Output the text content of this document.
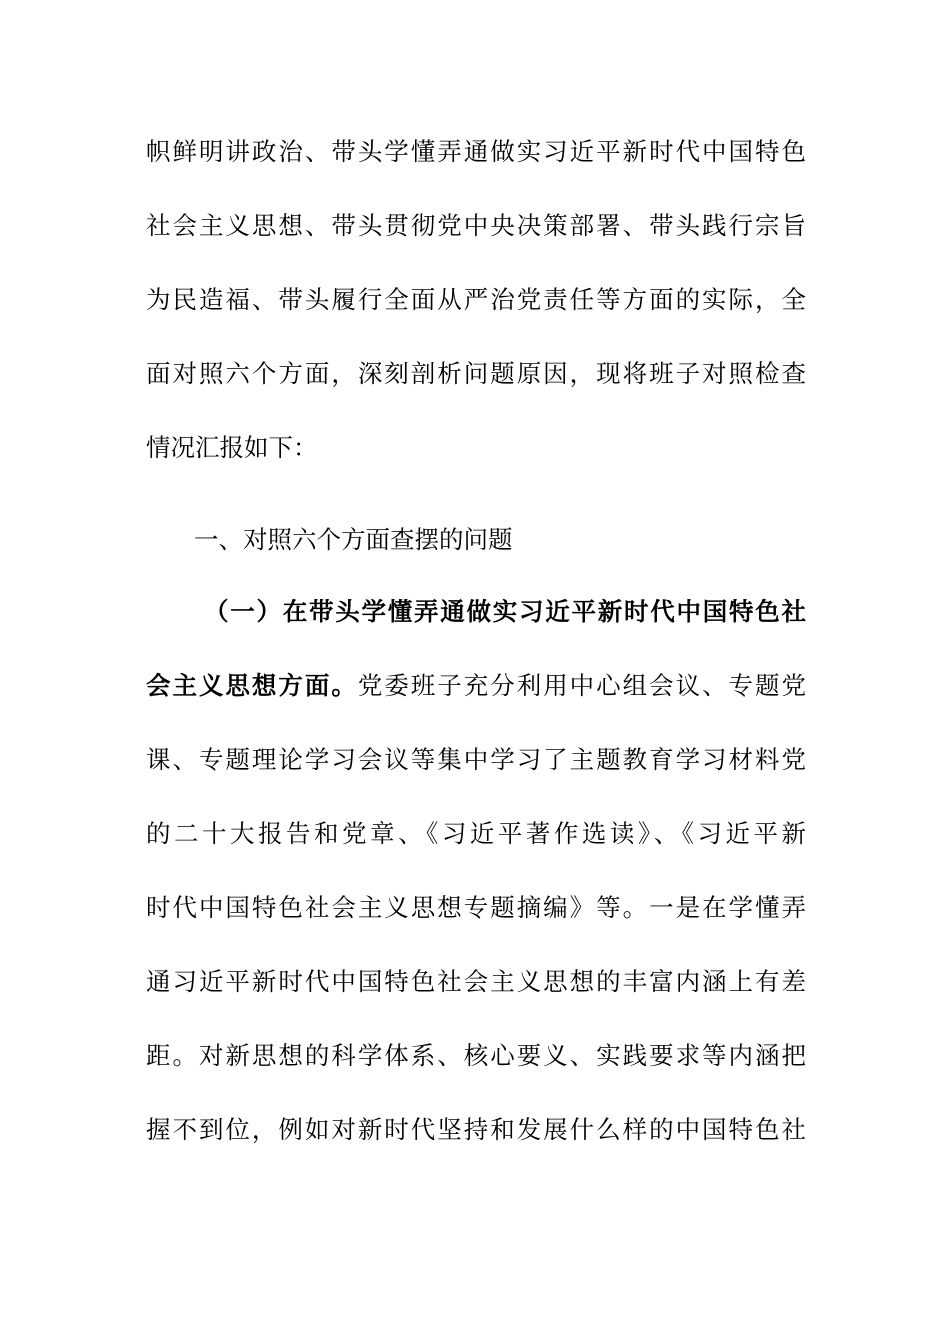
帜鲜明讲政治、带头学懂弄通做实习近平新时代中国特色
社会主义思想、带头贯彻党中央决策部署、带头践行宗旨
为民造福、带头履行全面从严治党责任等方面的实际，全
面对照六个方面，深刻剖析问题原因，现将班子对照检查
情况汇报如下：
一、对照六个方面查摆的问题
（一）在带头学懂弄通做实习近平新时代中国特色社
会主义思想方面。党委班子充分利用中心组会议、专题党
课、专题理论学习会议等集中学习了主题教育学习材料党
的二十大报告和党章、《习近平著作选读》、《习近平新
时代中国特色社会主义思想专题摘编》等。一是在学懂弄
通习近平新时代中国特色社会主义思想的丰富内涵上有差
距。对新思想的科学体系、核心要义、实践要求等内涵把
握不到位，例如对新时代坚持和发展什么样的中国特色社
